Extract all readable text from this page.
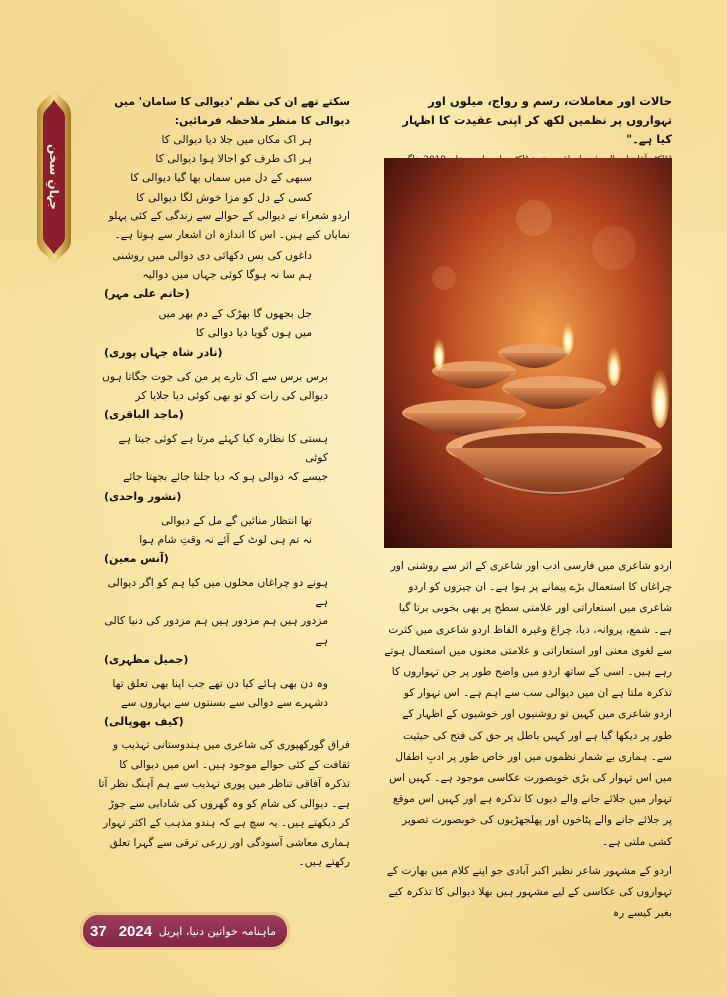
جہانِ سخن
حالات اور معاملات، رسم و رواج، میلوں اور تہواروں پر نظمیں لکھ کر اپنی عقیدت کا اظہار کیا ہے۔"

اردو شاعری میں فارسی ادب اور شاعری کے اثر سے روشنی اور چراغاں کا استعمال بڑے پیمانے پر ہوا ہے۔ ان چیزوں کو اردو شاعری میں استعاراتی اور علامتی سطح پر بھی بخوبی برتا گیا ہے۔ شمع، پروانہ، دیا، چراغ وغیرہ الفاظ اردو شاعری میں کثرت سے لغوی معنی اور استعاراتی و علامتی معنوں میں استعمال ہوتے رہے ہیں۔ اسی کے ساتھ اردو میں واضح طور پر جن تہواروں کا تذکرہ ملتا ہے ان میں دیوالی سب سے اہم ہے۔ اس تہوار کو اردو شاعری میں کہیں تو روشنیوں اور خوشیوں کے اظہار کے طور پر دیکھا گیا ہے اور کہیں باطل پر حق کی فتح کی حیثیت سے۔ ہماری بے شمار نظموں میں اور خاص طور پر ادبِ اطفال میں اس تہوار کی بڑی خوبصورت عکاسی موجود ہے۔ کہیں اس تہوار میں جلائے جانے والے دیوں کا تذکرہ ہے اور کہیں اس موقع پر جلائے جانے والے پٹاخوں اور پھلجھڑیوں کی خوبصورت تصویر کشی ملتی ہے۔

اردو کے مشہور شاعر نظیر اکبر آبادی جو اپنے کلام میں بھارت کے تہواروں کی عکاسی کے لیے مشہور ہیں بھلا دیوالی کا تذکرہ کیے بغیر کیسے رہ

سکتے تھے ان کی نظم 'دیوالی کا سامان' میں دیوالی کا منظر ملاحظہ فرمائیں:

ہر اک مکاں میں جلا دیا دیوالی کا

ہر اک طرف کو اجالا ہوا دیوالی کا

سبھی کے دل میں سماں بھا گیا دیوالی کا

کسی کے دل کو مزا خوش لگا دیوالی کا

اردو شعراء نے دیوالی کے حوالے سے زندگی کے کئی پہلو نمایاں کیے ہیں۔ اس کا اندازہ ان اشعار سے ہوتا ہے۔

داغوں کی بس دکھائی دی دوالی میں روشنی

ہم سا نہ ہوگا کوئی جہاں میں دوالیہ

(حاتم علی مہر)

جل بجھوں گا بھڑک کے دم بھر میں

میں ہوں گویا دیا دوالی کا

(نادر شاہ جہاں پوری)

برس برس سے اک تارے پر من کی جوت جگاتا ہوں

دیوالی کی رات کو تو بھی کوئی دیا جلایا کر

(ماجد الباقری)

ہستی کا نظارہ کیا کہئے مرتا ہے کوئی جیتا ہے کوئی

جیسے کہ دوالی ہو کہ دیا جلتا جائے بجھتا جائے

(نشور واحدی)

تھا انتظار منائیں گے مل کے دیوالی

نہ تم ہی لوٹ کے آئے نہ وقتِ شام ہوا

(آنس معین)

ہونے دو چراغاں محلوں میں کیا ہم کو اگر دیوالی ہے

مزدور ہیں ہم مزدور ہیں ہم مزدور کی دنیا کالی ہے

(جمیل مظہری)

وہ دن بھی ہائے کیا دن تھے جب اپنا بھی تعلق تھا

دشہرے سے دوالی سے بسنتوں سے بہاروں سے

(کیف بھوپالی)

فراق گورکھپوری کی شاعری میں ہندوستانی تہذیب و ثقافت کے کئی حوالے موجود ہیں۔ اس میں دیوالی کا تذکرہ آفاقی تناظر میں پوری تہذیب سے ہم آہنگ نظر آتا ہے۔ دیوالی کی شام کو وہ گھروں کی شادابی سے جوڑ کر دیکھتے ہیں۔ یہ سچ ہے کہ ہندو مذہب کے اکثر تہوار ہماری معاشی آسودگی اور زرعی ترقی سے گہرا تعلق رکھتے ہیں۔

37 2024 ماہنامہ خواتین دنیا، اپریل
